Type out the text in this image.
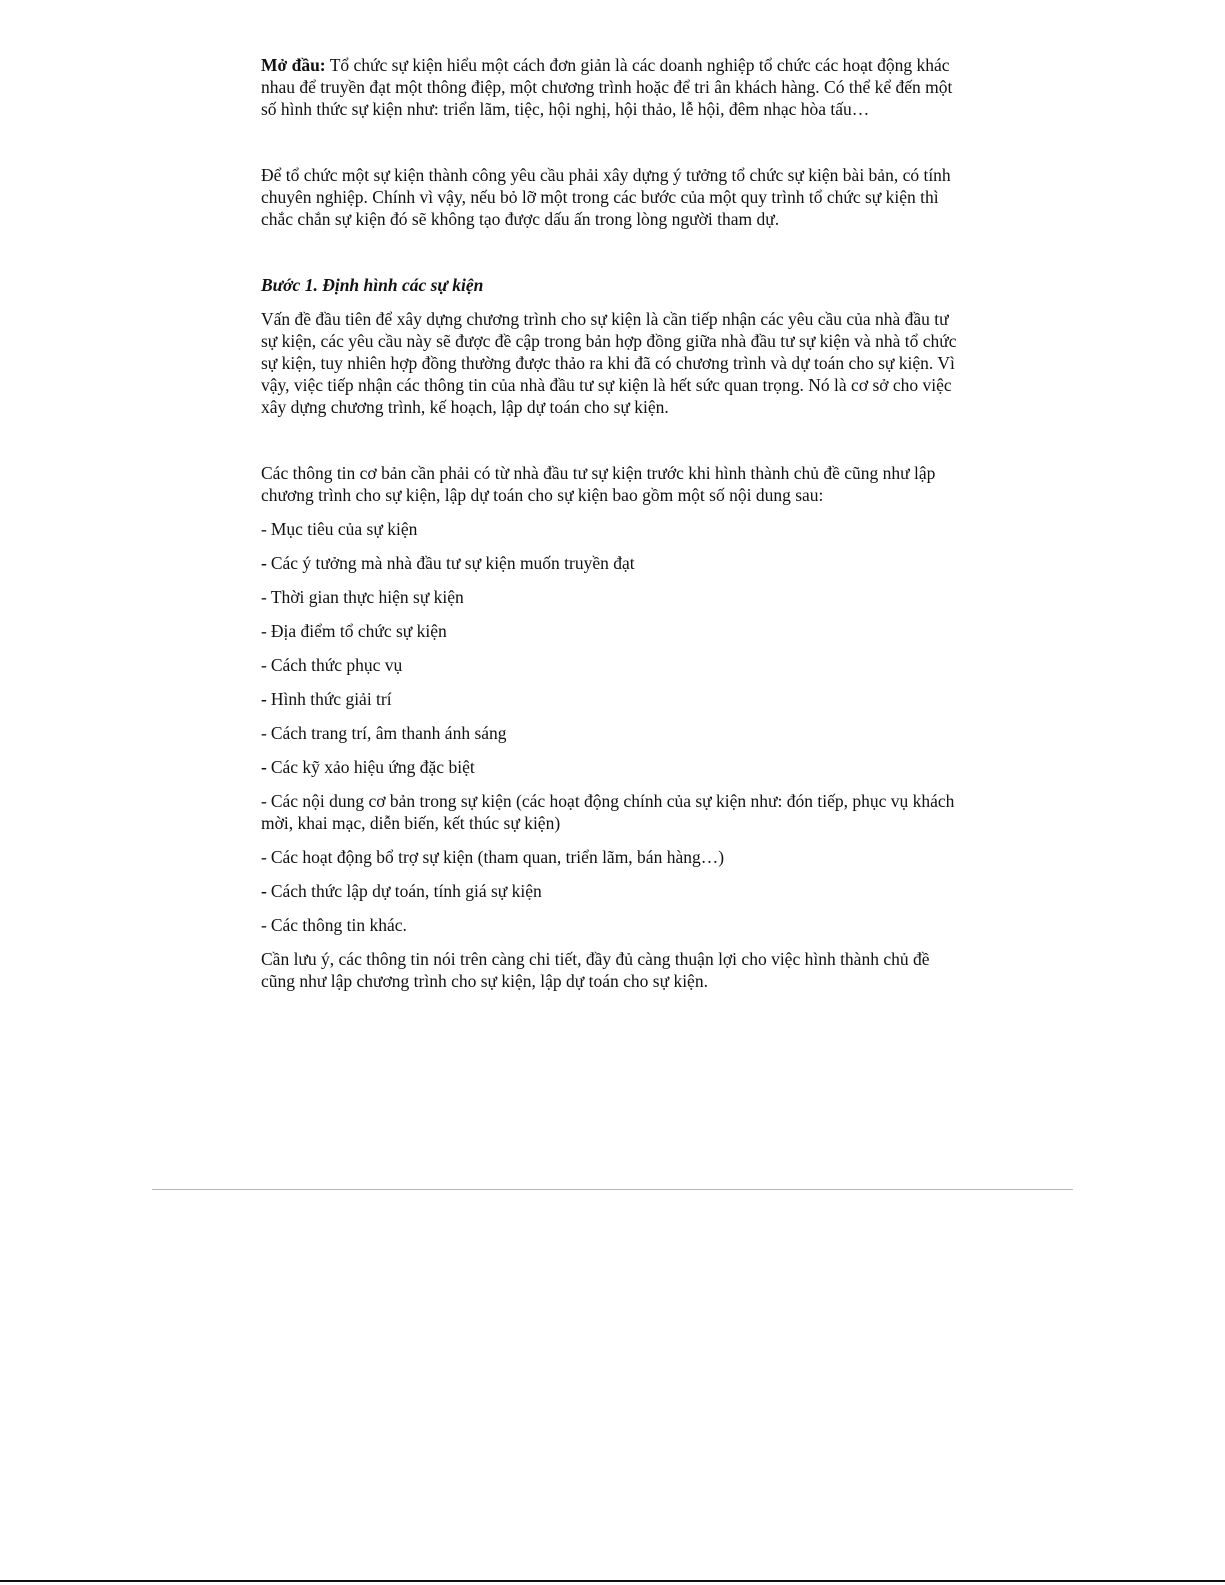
Mở đầu: Tổ chức sự kiện hiểu một cách đơn giản là các doanh nghiệp tổ chức các hoạt động khác nhau để truyền đạt một thông điệp, một chương trình hoặc để tri ân khách hàng. Có thể kể đến một số hình thức sự kiện như: triển lãm, tiệc, hội nghị, hội thảo, lễ hội, đêm nhạc hòa tấu…

Để tổ chức một sự kiện thành công yêu cầu phải xây dựng ý tưởng tổ chức sự kiện bài bản, có tính chuyên nghiệp. Chính vì vậy, nếu bỏ lỡ một trong các bước của một quy trình tổ chức sự kiện thì chắc chắn sự kiện đó sẽ không tạo được dấu ấn trong lòng người tham dự.

Bước 1. Định hình các sự kiện

Vấn đề đầu tiên để xây dựng chương trình cho sự kiện là cần tiếp nhận các yêu cầu của nhà đầu tư sự kiện, các yêu cầu này sẽ được đề cập trong bản hợp đồng giữa nhà đầu tư sự kiện và nhà tổ chức sự kiện, tuy nhiên hợp đồng thường được thảo ra khi đã có chương trình và dự toán cho sự kiện. Vì vậy, việc tiếp nhận các thông tin của nhà đầu tư sự kiện là hết sức quan trọng. Nó là cơ sở cho việc xây dựng chương trình, kế hoạch, lập dự toán cho sự kiện.

Các thông tin cơ bản cần phải có từ nhà đầu tư sự kiện trước khi hình thành chủ đề cũng như lập chương trình cho sự kiện, lập dự toán cho sự kiện bao gồm một số nội dung sau:

- Mục tiêu của sự kiện
- Các ý tưởng mà nhà đầu tư sự kiện muốn truyền đạt
- Thời gian thực hiện sự kiện
- Địa điểm tổ chức sự kiện
- Cách thức phục vụ
- Hình thức giải trí
- Cách trang trí, âm thanh ánh sáng
- Các kỹ xảo hiệu ứng đặc biệt
- Các nội dung cơ bản trong sự kiện (các hoạt động chính của sự kiện như: đón tiếp, phục vụ khách mời, khai mạc, diễn biến, kết thúc sự kiện)
- Các hoạt động bổ trợ sự kiện (tham quan, triển lãm, bán hàng…)
- Cách thức lập dự toán, tính giá sự kiện
- Các thông tin khác.

Cần lưu ý, các thông tin nói trên càng chi tiết, đầy đủ càng thuận lợi cho việc hình thành chủ đề cũng như lập chương trình cho sự kiện, lập dự toán cho sự kiện.
